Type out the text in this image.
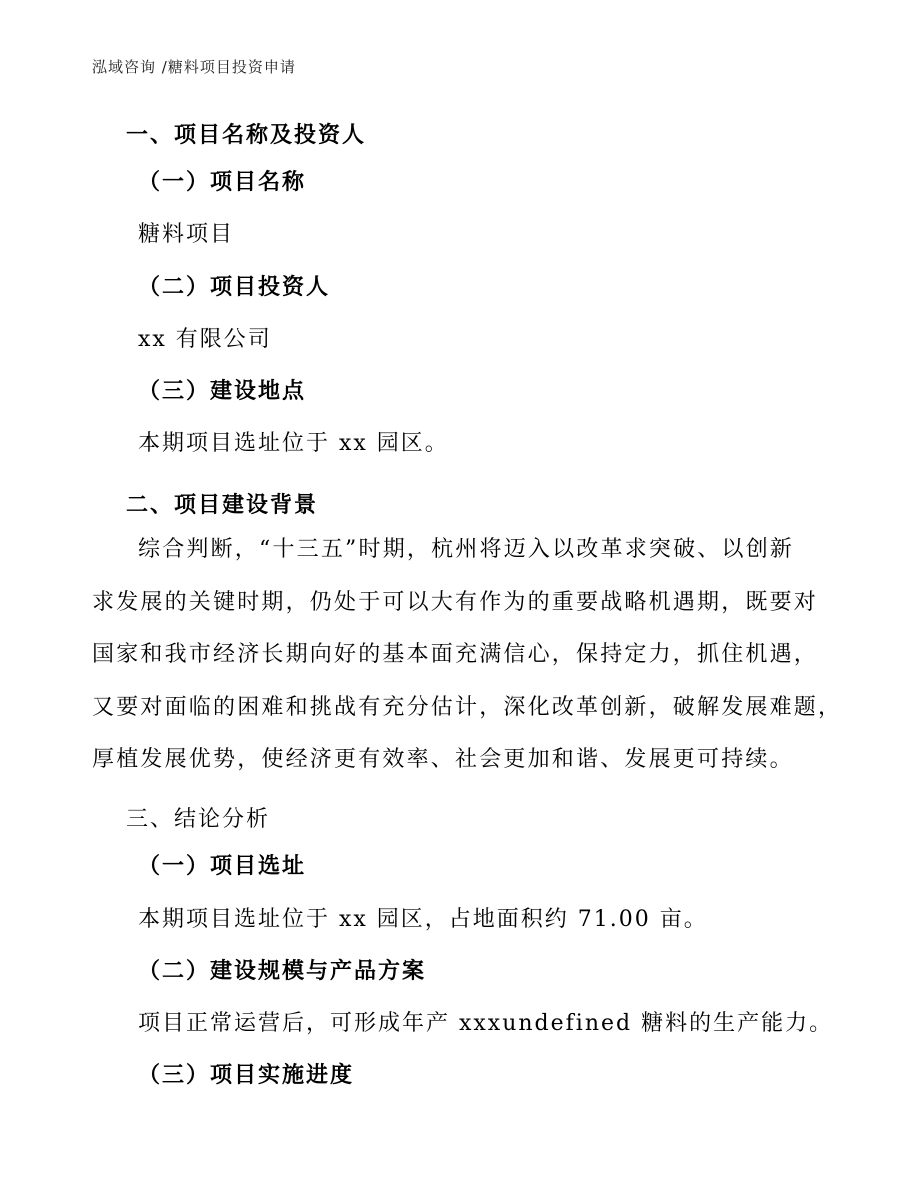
泓域咨询 /糖料项目投资申请
一、项目名称及投资人
（一）项目名称
糖料项目
（二）项目投资人
xx 有限公司
（三）建设地点
本期项目选址位于 xx 园区。
二、项目建设背景
综合判断，“十三五”时期，杭州将迈入以改革求突破、以创新
求发展的关键时期，仍处于可以大有作为的重要战略机遇期，既要对
国家和我市经济长期向好的基本面充满信心，保持定力，抓住机遇，
又要对面临的困难和挑战有充分估计，深化改革创新，破解发展难题，
厚植发展优势，使经济更有效率、社会更加和谐、发展更可持续。
三、结论分析
（一）项目选址
本期项目选址位于 xx 园区，占地面积约 71.00 亩。
（二）建设规模与产品方案
项目正常运营后，可形成年产 xxxundefined 糖料的生产能力。
（三）项目实施进度
